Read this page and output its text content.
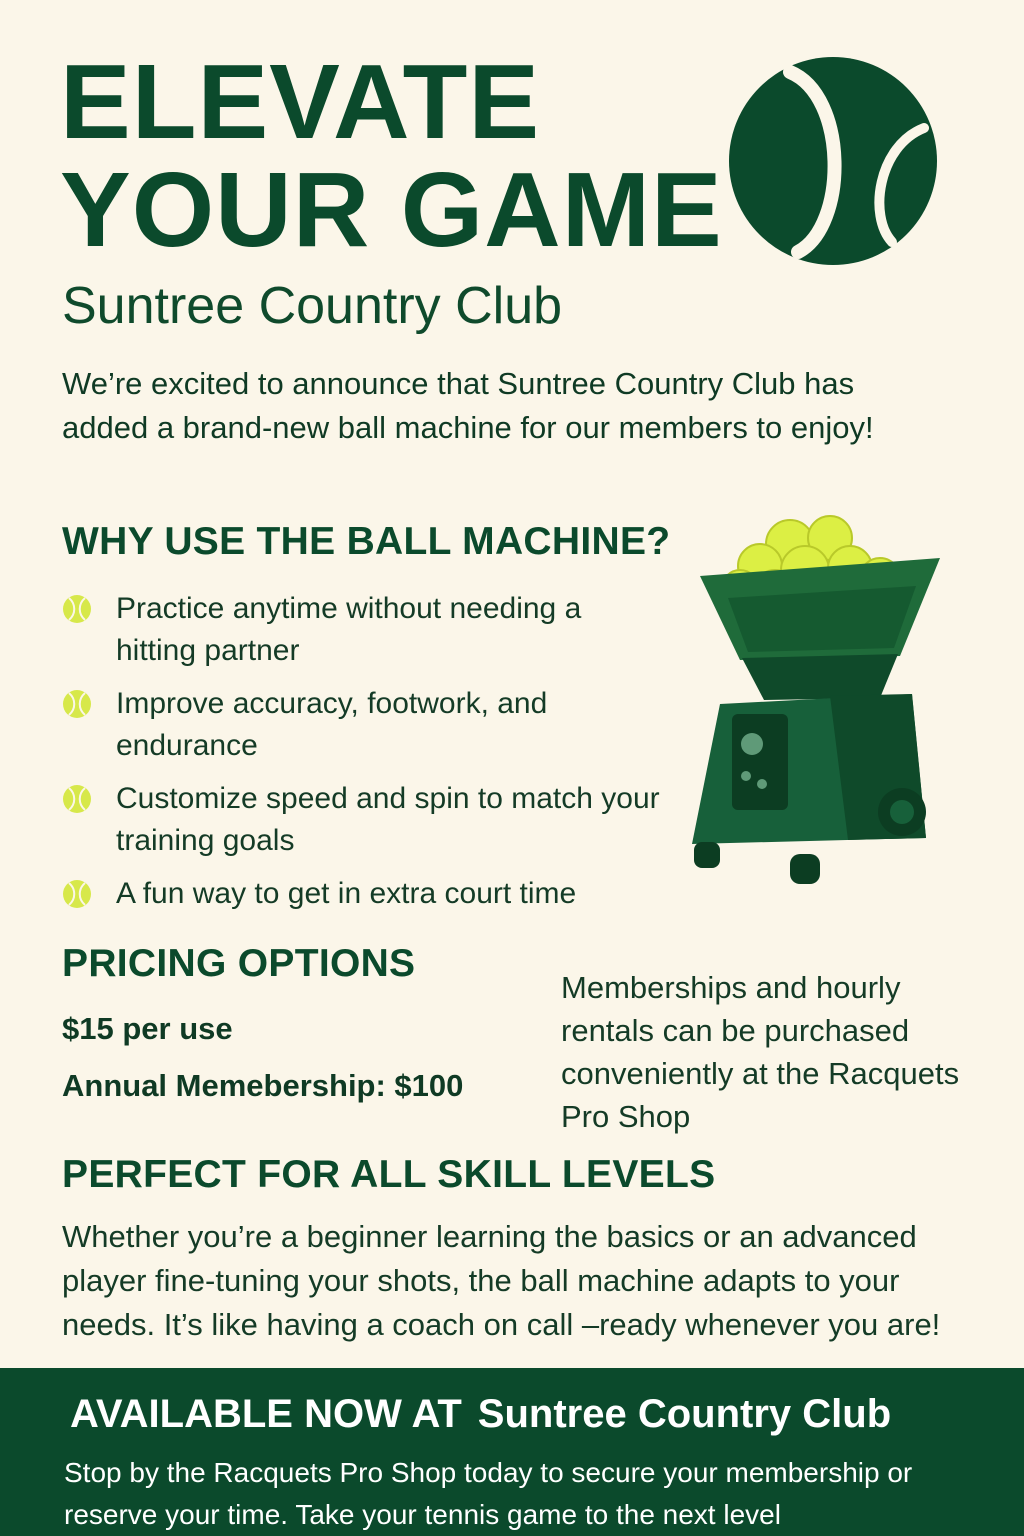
ELEVATE
YOUR GAME
Suntree Country Club
We’re excited to announce that Suntree Country Club has added a brand-new ball machine for our members to enjoy!
WHY USE THE BALL MACHINE?
Practice anytime without needing a hitting partner
Improve accuracy, footwork, and endurance
Customize speed and spin to match your training goals
A fun way to get in extra court time
PRICING OPTIONS
$15 per use
Annual Memebership: $100
Memberships and hourly rentals can be purchased conveniently at the Racquets Pro Shop
PERFECT FOR ALL SKILL LEVELS
Whether you’re a beginner learning the basics or an advanced player fine-tuning your shots, the ball machine adapts to your needs. It’s like having a coach on call –ready whenever you are!
AVAILABLE NOW AT Suntree Country Club
Stop by the Racquets Pro Shop today to secure your membership or reserve your time. Take your tennis game to the next level
